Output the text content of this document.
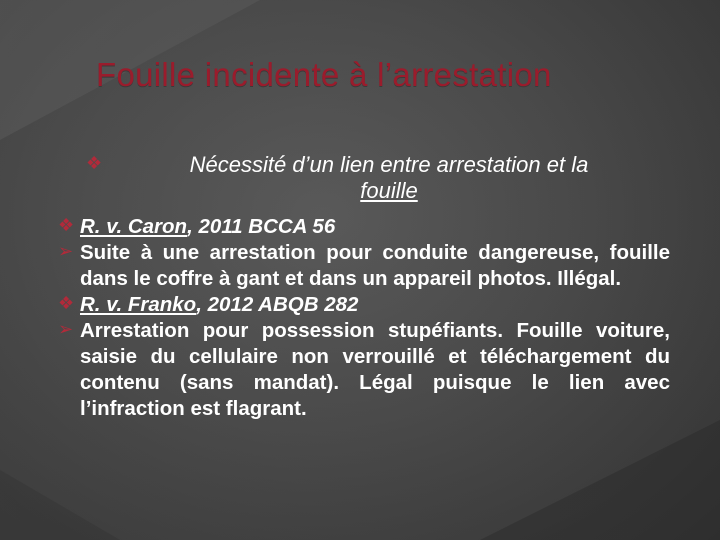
Fouille incidente à l’arrestation
❖	Nécessité d’un lien entre arrestation et la
fouille
❖ R. v. Caron, 2011 BCCA 56
➢ Suite à une arrestation pour conduite dangereuse, fouille dans le coffre à gant et dans un appareil photos. Illégal.
❖ R. v. Franko, 2012 ABQB 282
➢ Arrestation pour possession stupéfiants. Fouille voiture, saisie du cellulaire non verrouillé et téléchargement du contenu (sans mandat). Légal puisque le lien avec l’infraction est flagrant.
